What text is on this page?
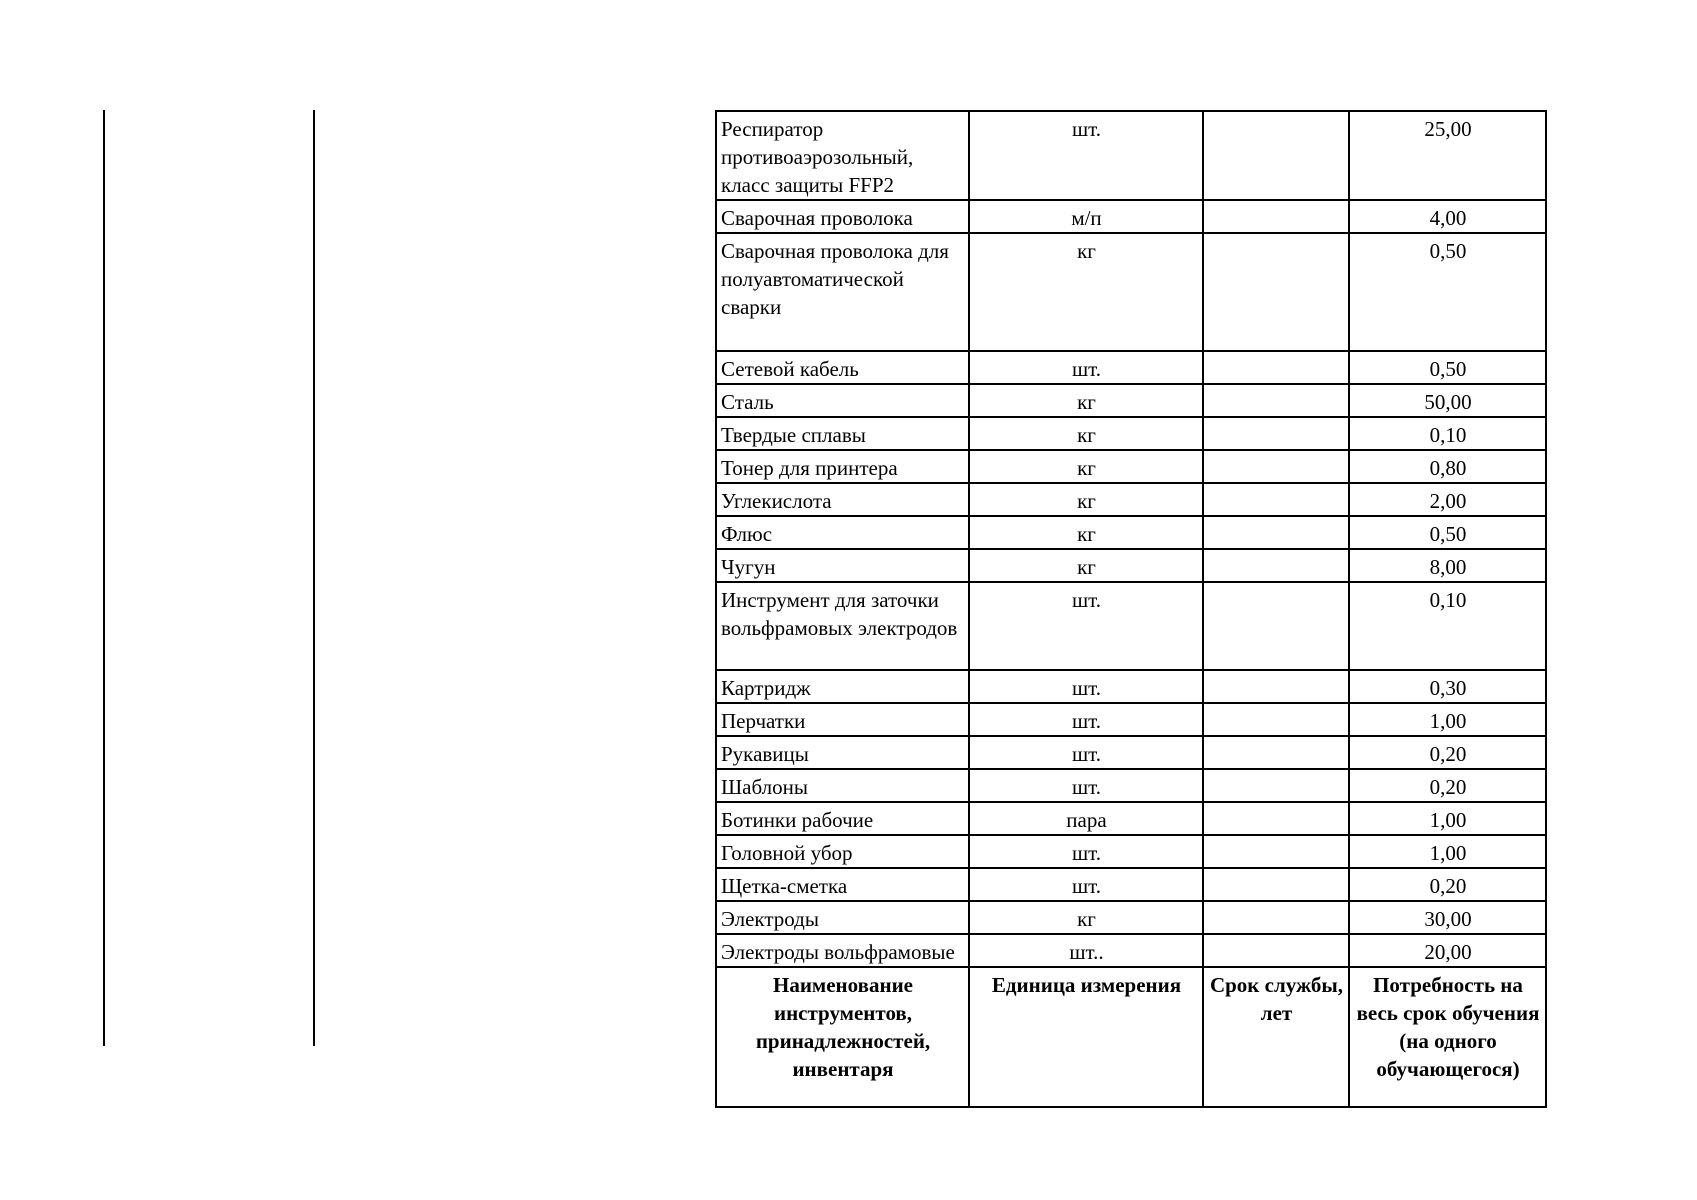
Респиратор противоаэрозольный, класс защиты FFP2	шт.		25,00
Сварочная проволока	м/п		4,00
Сварочная проволока для полуавтоматической сварки	кг		0,50
Сетевой кабель	шт.		0,50
Сталь	кг		50,00
Твердые сплавы	кг		0,10
Тонер для принтера	кг		0,80
Углекислота	кг		2,00
Флюс	кг		0,50
Чугун	кг		8,00
Инструмент для заточки вольфрамовых электродов	шт.		0,10
Картридж	шт.		0,30
Перчатки	шт.		1,00
Рукавицы	шт.		0,20
Шаблоны	шт.		0,20
Ботинки рабочие	пара		1,00
Головной убор	шт.		1,00
Щетка-сметка	шт.		0,20
Электроды	кг		30,00
Электроды вольфрамовые	шт..		20,00
Наименование инструментов, принадлежностей, инвентаря	Единица измерения	Срок службы, лет	Потребность на весь срок обучения (на одного обучающегося)
